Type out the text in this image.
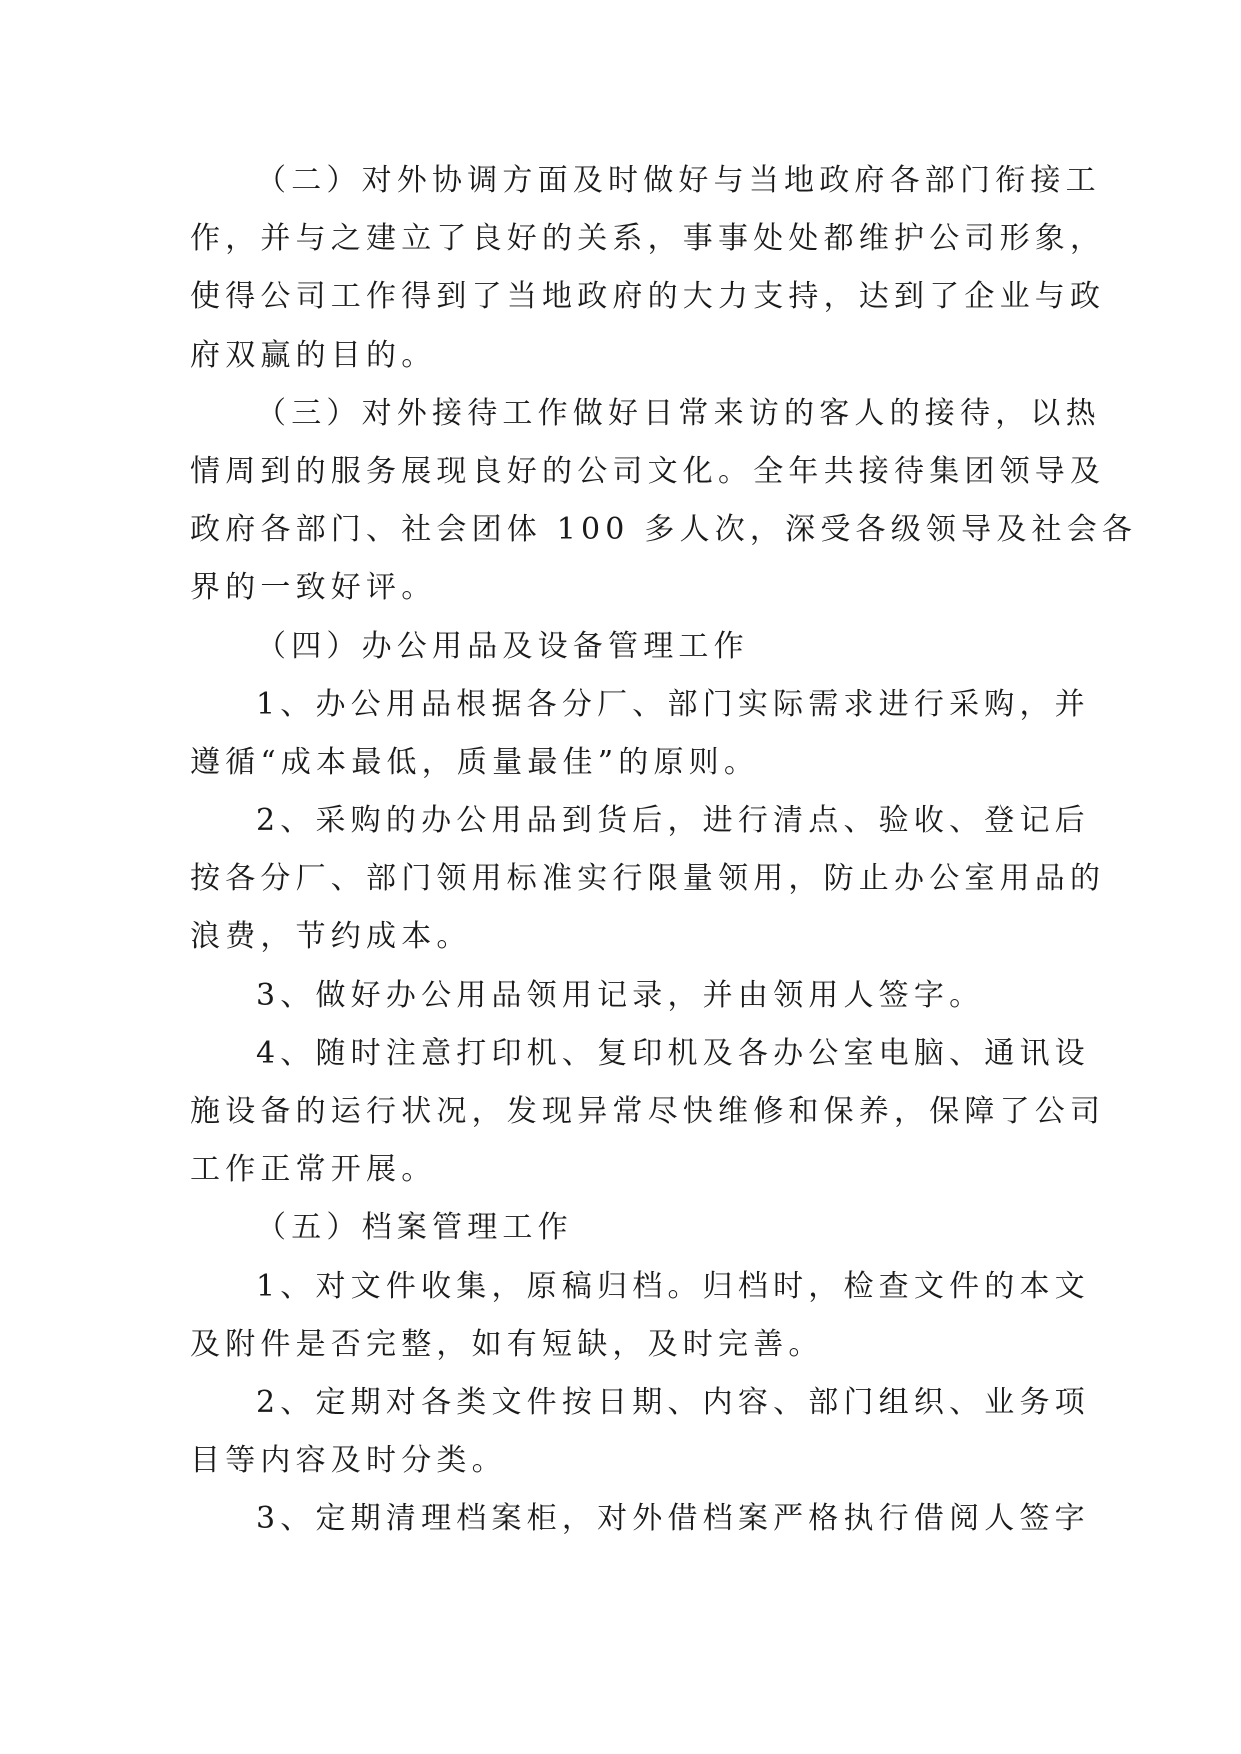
（二）对外协调方面及时做好与当地政府各部门衔接工
作，并与之建立了良好的关系，事事处处都维护公司形象，
使得公司工作得到了当地政府的大力支持，达到了企业与政
府双赢的目的。
（三）对外接待工作做好日常来访的客人的接待，以热
情周到的服务展现良好的公司文化。全年共接待集团领导及
政府各部门、社会团体 100 多人次，深受各级领导及社会各
界的一致好评。
（四）办公用品及设备管理工作
1、办公用品根据各分厂、部门实际需求进行采购，并
遵循“成本最低，质量最佳”的原则。
2、采购的办公用品到货后，进行清点、验收、登记后
按各分厂、部门领用标准实行限量领用，防止办公室用品的
浪费，节约成本。
3、做好办公用品领用记录，并由领用人签字。
4、随时注意打印机、复印机及各办公室电脑、通讯设
施设备的运行状况，发现异常尽快维修和保养，保障了公司
工作正常开展。
（五）档案管理工作
1、对文件收集，原稿归档。归档时，检查文件的本文
及附件是否完整，如有短缺，及时完善。
2、定期对各类文件按日期、内容、部门组织、业务项
目等内容及时分类。
3、定期清理档案柜，对外借档案严格执行借阅人签字
